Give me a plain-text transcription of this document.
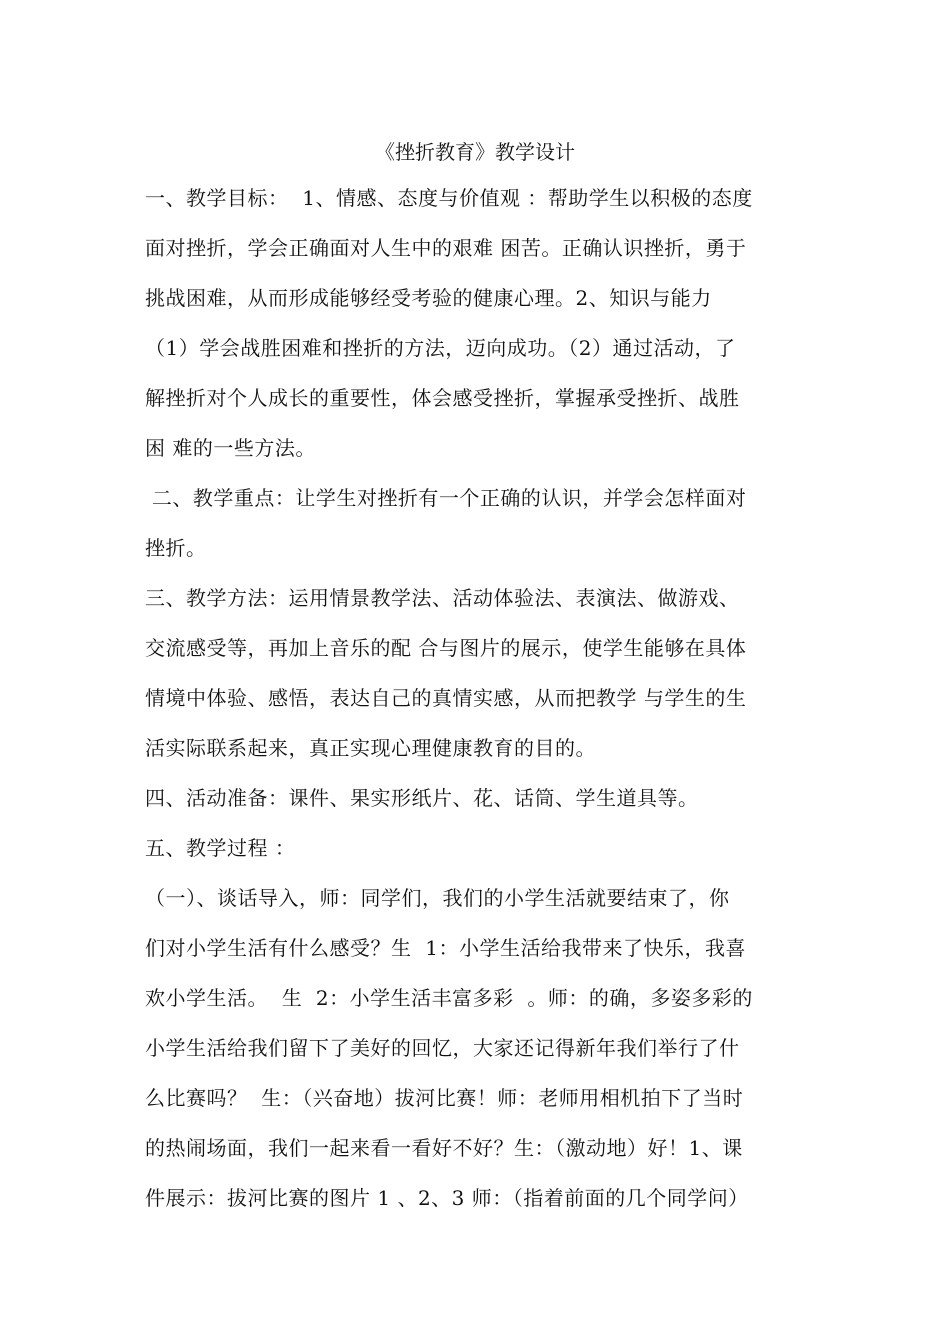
《挫折教育》教学设计

一、教学目标：  1、情感、态度与价值观 ：帮助学生以积极的态度

面对挫折，学会正确面对人生中的艰难 困苦。正确认识挫折，勇于

挑战困难，从而形成能够经受考验的健康心理。2、知识与能力

（1）学会战胜困难和挫折的方法，迈向成功。（2）通过活动，了

解挫折对个人成长的重要性，体会感受挫折，掌握承受挫折、战胜

困 难的一些方法。

二、教学重点：让学生对挫折有一个正确的认识，并学会怎样面对

挫折。

三、教学方法：运用情景教学法、活动体验法、表演法、做游戏、

交流感受等，再加上音乐的配 合与图片的展示，使学生能够在具体

情境中体验、感悟，表达自己的真情实感，从而把教学 与学生的生

活实际联系起来，真正实现心理健康教育的目的。

四、活动准备：课件、果实形纸片、花、话筒、学生道具等。

五、教学过程 ：

（一）、谈话导入，师：同学们，我们的小学生活就要结束了，你

们对小学生活有什么感受？生  1：小学生活给我带来了快乐，我喜

欢小学生活。  生  2：小学生活丰富多彩  。师：的确，多姿多彩的

小学生活给我们留下了美好的回忆，大家还记得新年我们举行了什

么比赛吗？  生：（兴奋地）拔河比赛！师：老师用相机拍下了当时

的热闹场面，我们一起来看一看好不好？生：（激动地）好！1、课

件展示：拔河比赛的图片 1 、2、3 师：（指着前面的几个同学问）
